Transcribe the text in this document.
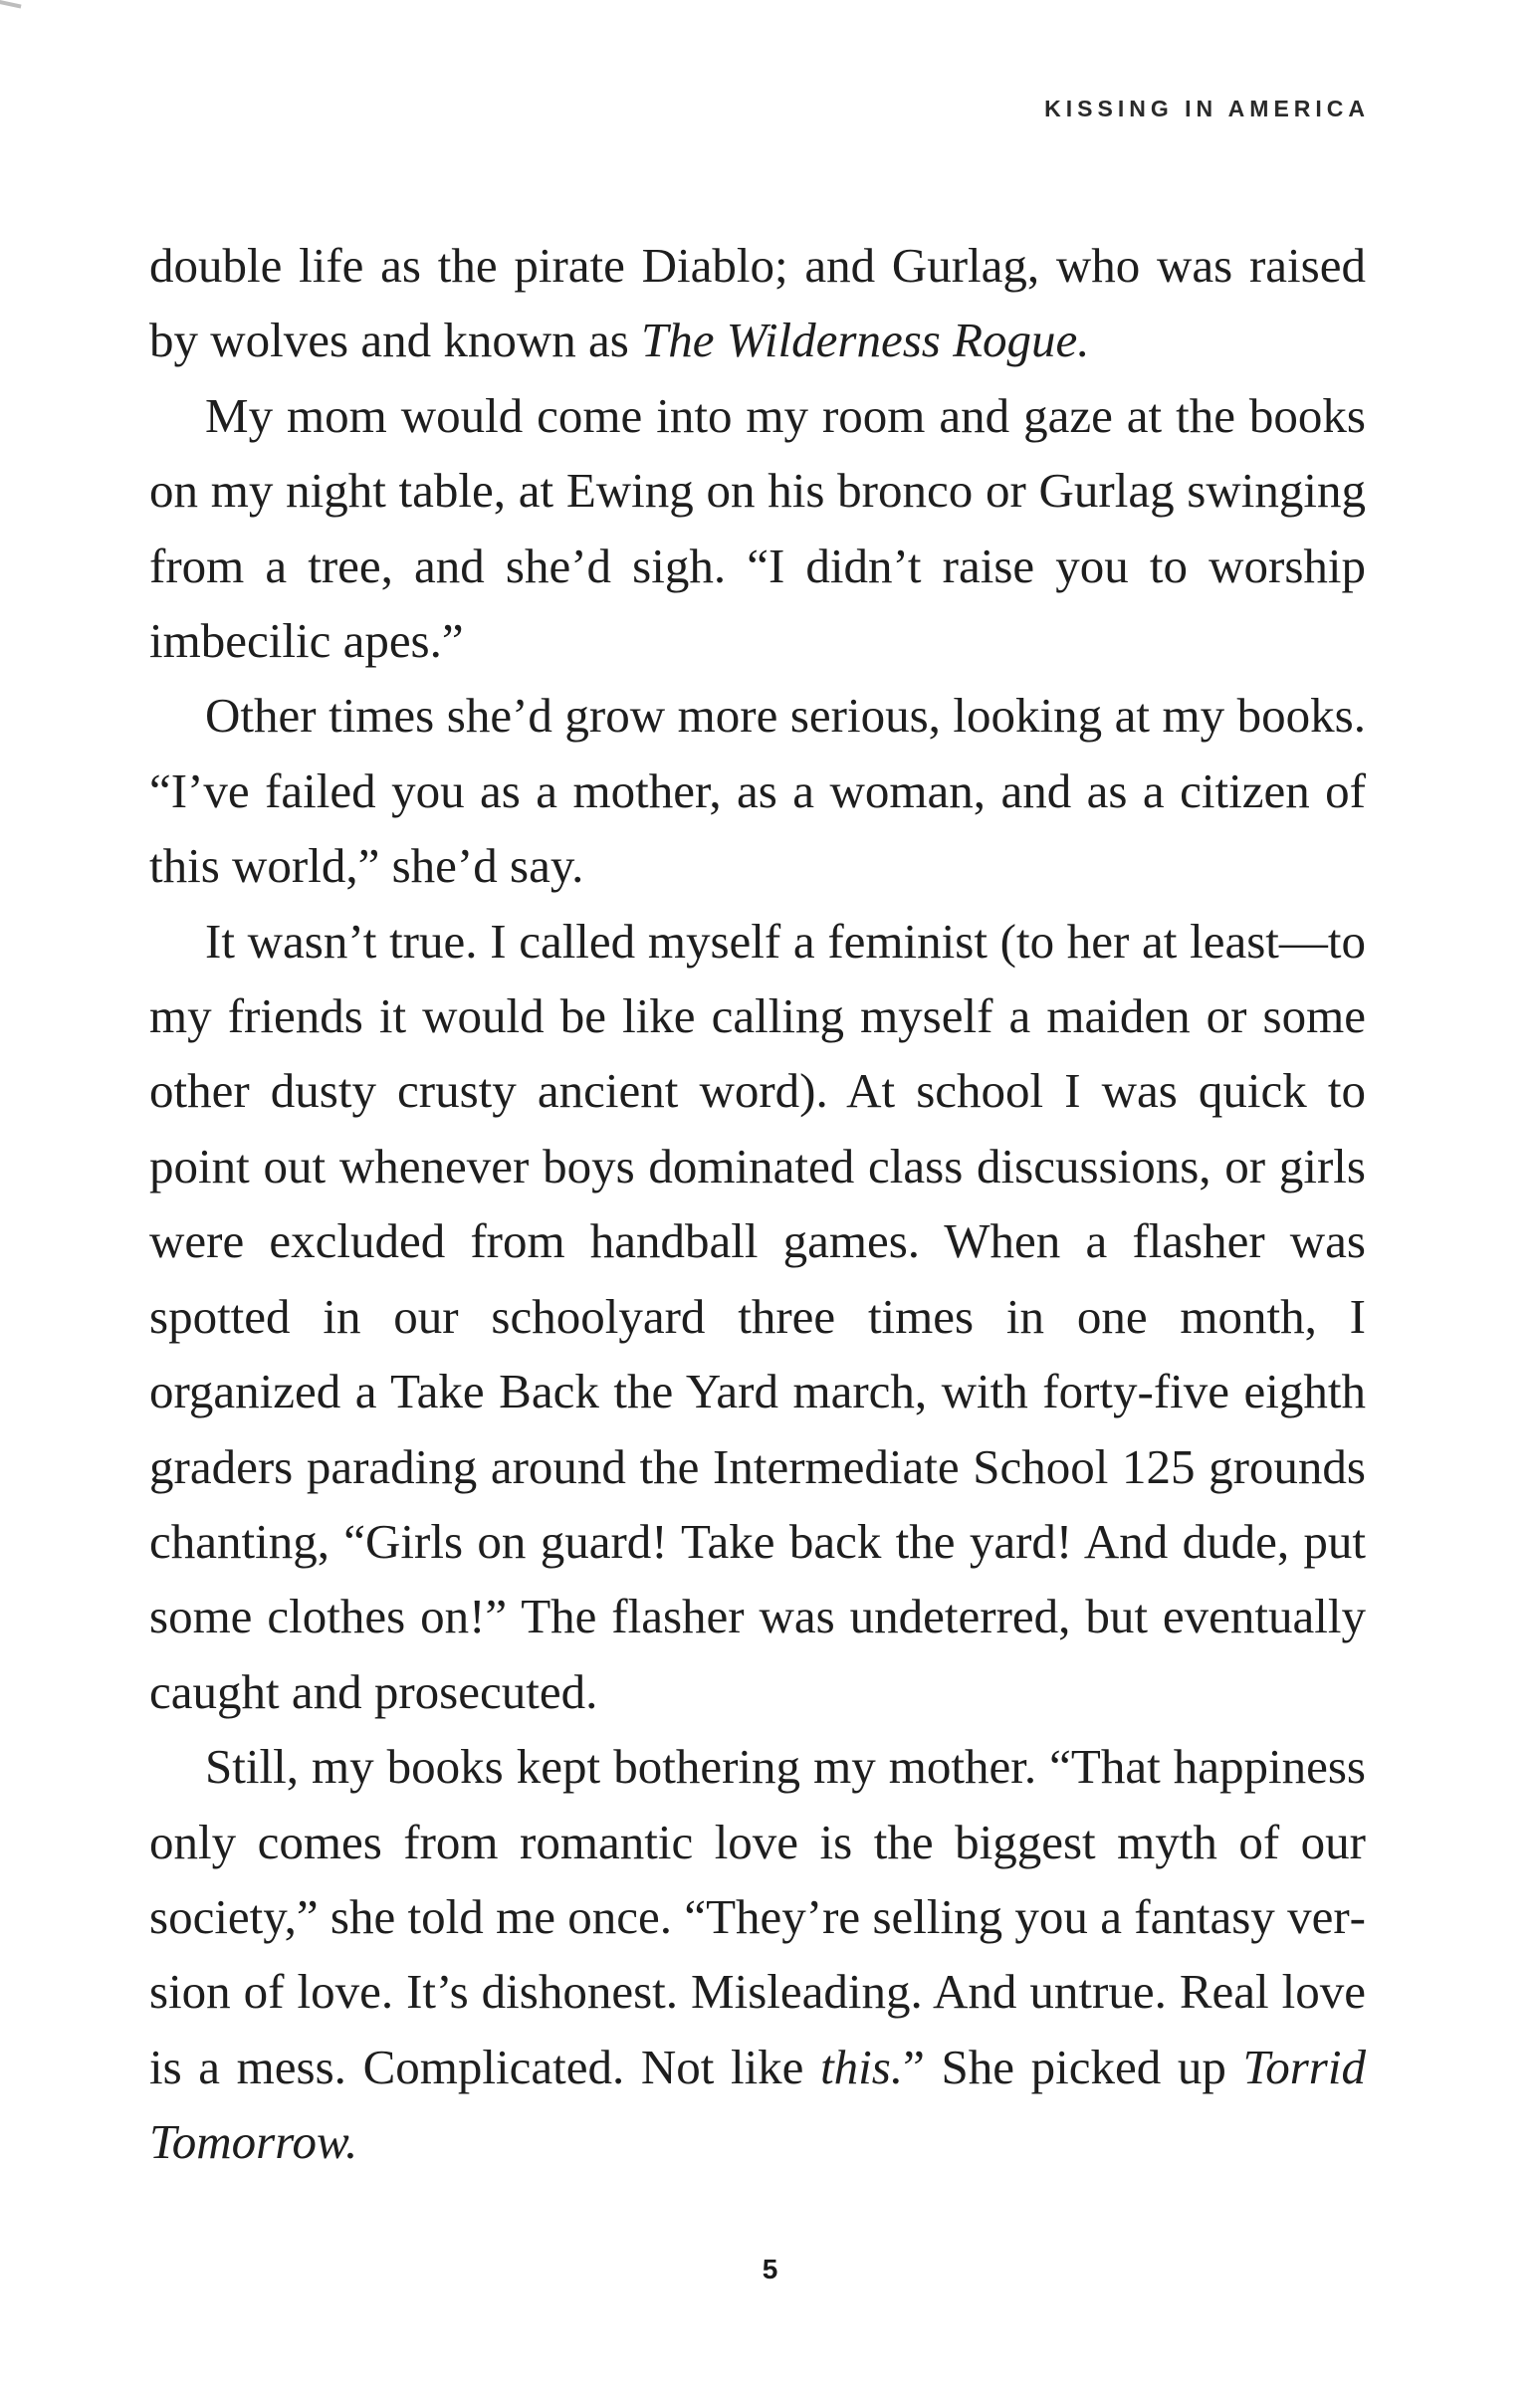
KISSING IN AMERICA

double life as the pirate Diablo; and Gurlag, who was raised by wolves and known as The Wilderness Rogue.

My mom would come into my room and gaze at the books on my night table, at Ewing on his bronco or Gurlag swinging from a tree, and she’d sigh. “I didn’t raise you to worship imbecilic apes.”

Other times she’d grow more serious, looking at my books. “I’ve failed you as a mother, as a woman, and as a citizen of this world,” she’d say.

It wasn’t true. I called myself a feminist (to her at least—to my friends it would be like calling myself a maiden or some other dusty crusty ancient word). At school I was quick to point out whenever boys dominated class discussions, or girls were excluded from handball games. When a flasher was spotted in our schoolyard three times in one month, I organized a Take Back the Yard march, with forty-five eighth graders parading around the Intermediate School 125 grounds chanting, “Girls on guard! Take back the yard! And dude, put some clothes on!” The flasher was undeterred, but eventually caught and prosecuted.

Still, my books kept bothering my mother. “That happiness only comes from romantic love is the biggest myth of our society,” she told me once. “They’re selling you a fantasy version of love. It’s dishonest. Misleading. And untrue. Real love is a mess. Complicated. Not like this.” She picked up Torrid Tomorrow.

5
